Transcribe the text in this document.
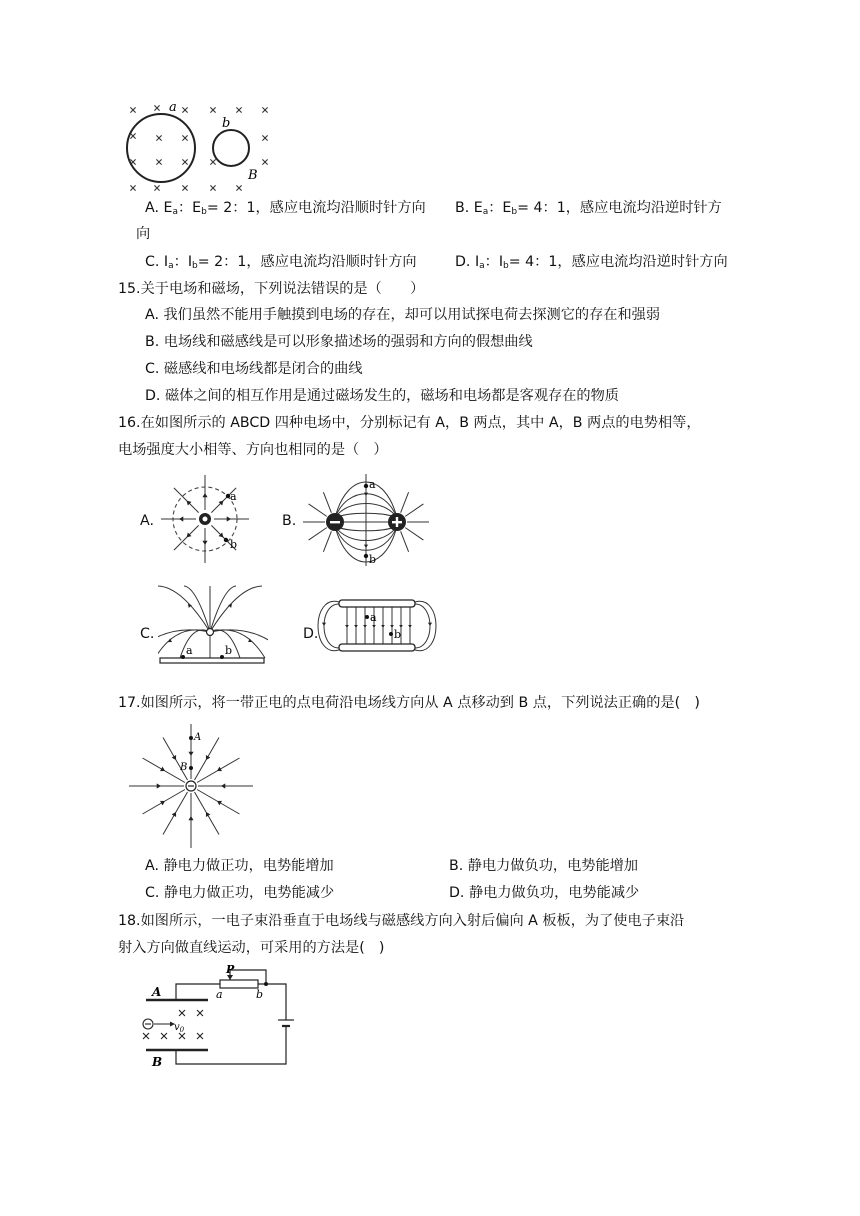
a
b
B
A. $E_a$：$E_b= 2$：1，感应电流均沿顺时针方向 B. $E_a$：$E_b= 4$：1，感应电流均沿逆时针方
向
C. $I_a$：$I_b= 2$：1，感应电流均沿顺时针方向	D. $I_a$：$I_b= 4$：1，感应电流均沿逆时针方向
15.关于电场和磁场，下列说法错误的是（　　）
A. 我们虽然不能用手触摸到电场的存在，却可以用试探电荷去探测它的存在和强弱
B. 电场线和磁感线是可以形象描述场的强弱和方向的假想曲线
C. 磁感线和电场线都是闭合的曲线
D. 磁体之间的相互作用是通过磁场发生的，磁场和电场都是客观存在的物质
16.在如图所示的 ABCD 四种电场中，分别标记有 A，B 两点，其中 A，B 两点的电势相等，
电场强度大小相等、方向也相同的是（　）
A.
a
b
B.
a
b
C.
a	b
D.
a
b
17.如图所示，将一带正电的点电荷沿电场线方向从 A 点移动到 B 点，下列说法正确的是(　)
A
B
A. 静电力做正功，电势能增加	B. 静电力做负功，电势能增加
C. 静电力做正功，电势能减少	D. 静电力做负功，电势能减少
18.如图所示，一电子束沿垂直于电场线与磁感线方向入射后偏向 A 板板，为了使电子束沿
射入方向做直线运动，可采用的方法是(　)
P
a	b
A
B
$v_0$
